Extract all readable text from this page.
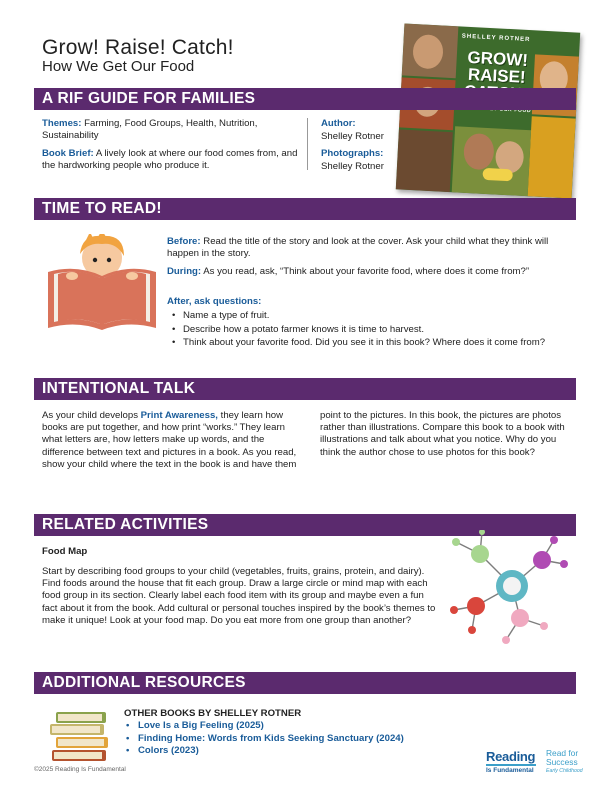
Grow! Raise! Catch!
How We Get Our Food
SHELLEY ROTNER
GROW!
RAISE!
A RIF GUIDE FOR FAMILIES
Themes: Farming, Food Groups, Health, Nutrition, Sustainability
Book Brief: A lively look at where our food comes from, and the hardworking people who produce it.
Author:
Shelley Rotner
Photographs:
Shelley Rotner
TIME TO READ!
Before: Read the title of the story and look at the cover. Ask your child what they think will happen in the story.
During: As you read, ask, “Think about your favorite food, where does it come from?”
After, ask questions:
• Name a type of fruit.
• Describe how a potato farmer knows it is time to harvest.
• Think about your favorite food. Did you see it in this book? Where does it come from?
INTENTIONAL TALK
As your child develops Print Awareness, they learn how books are put together, and how print “works.” They learn what letters are, how letters make up words, and the difference between text and pictures in a book. As you read, show your child where the text in the book is and have them
point to the pictures. In this book, the pictures are photos rather than illustrations. Compare this book to a book with illustrations and talk about what you notice. Why do you think the author chose to use photos for this book?
RELATED ACTIVITIES
Food Map
Start by describing food groups to your child (vegetables, fruits, grains, protein, and dairy). Find foods around the house that fit each group. Draw a large circle or mind map with each food group in its section. Clearly label each food item with its group and maybe even a fun fact about it from the book. Add cultural or personal touches inspired by the book’s themes to make it unique! Look at your food map. Do you eat more from one group than another?
ADDITIONAL RESOURCES
OTHER BOOKS BY SHELLEY ROTNER
• Love Is a Big Feeling (2025)
• Finding Home: Words from Kids Seeking Sanctuary (2024)
• Colors (2023)
©2025 Reading Is Fundamental
Reading
Is Fundamental
Read for
Success
Early Childhood
